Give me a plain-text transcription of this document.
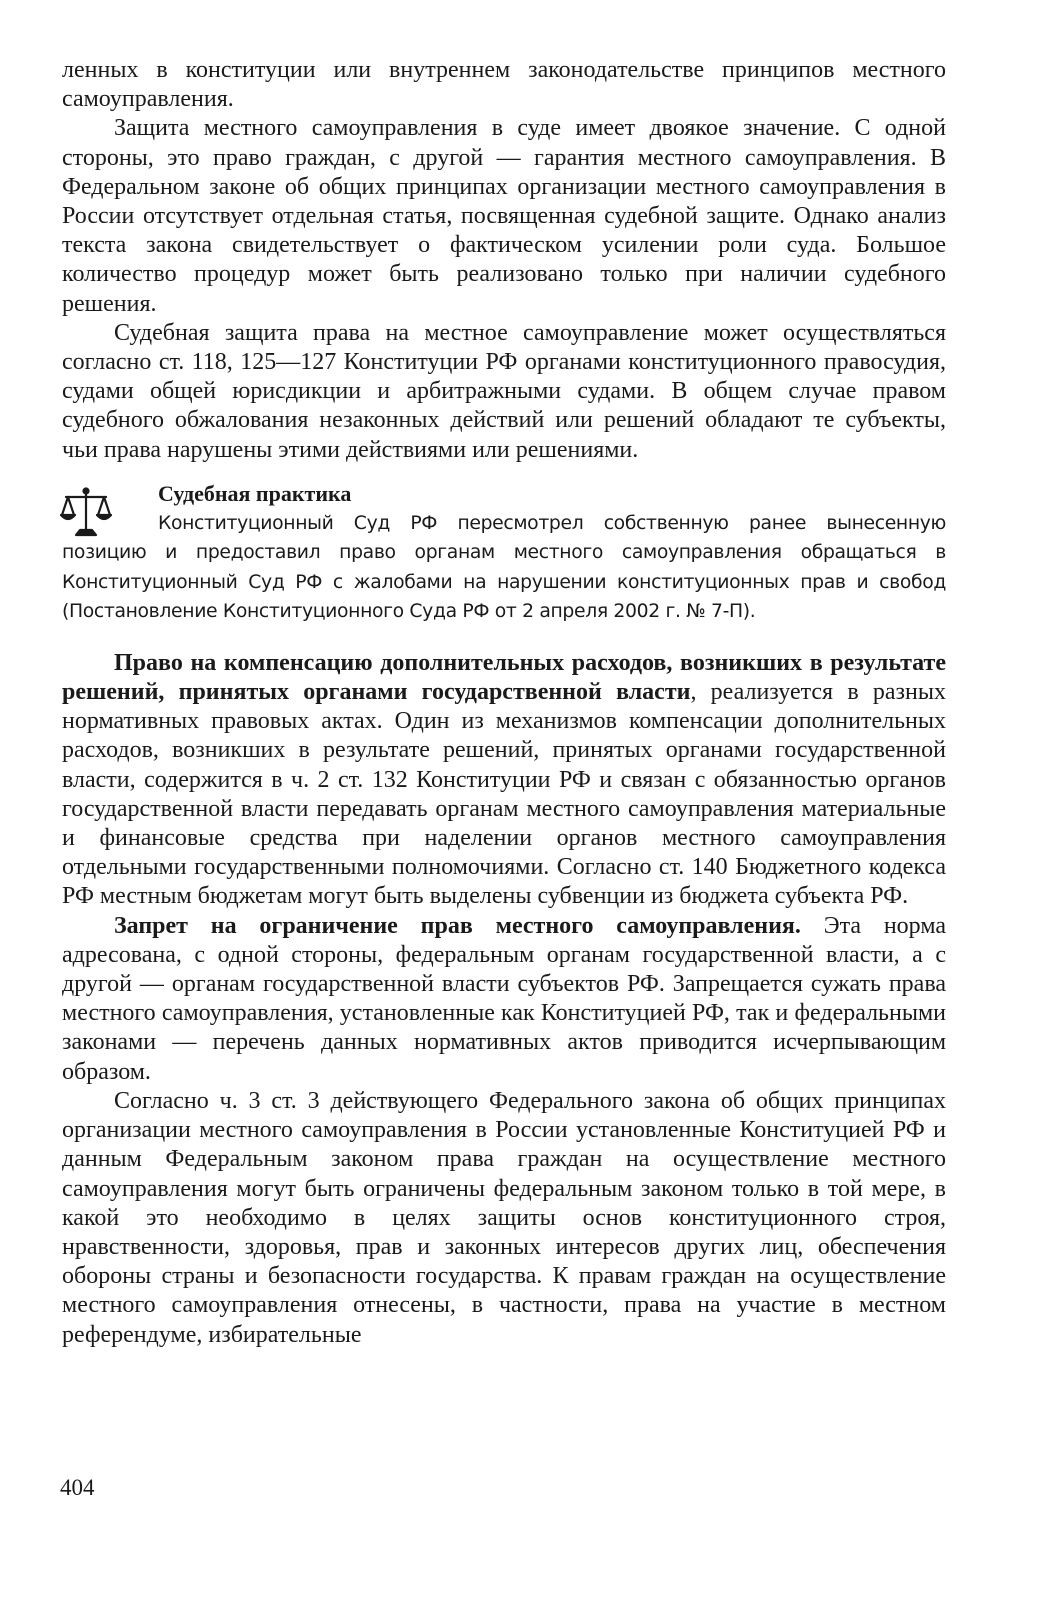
ленных в конституции или внутреннем законодательстве принципов местного самоуправления.

Защита местного самоуправления в суде имеет двоякое значение. С одной стороны, это право граждан, с другой — гарантия местного самоуправления. В Федеральном законе об общих принципах организации местного самоуправления в России отсутствует отдельная статья, посвященная судебной защите. Однако анализ текста закона свидетельствует о фактическом усилении роли суда. Большое количество процедур может быть реализовано только при наличии судебного решения.

Судебная защита права на местное самоуправление может осуществляться согласно ст. 118, 125—127 Конституции РФ органами конституционного правосудия, судами общей юрисдикции и арбитражными судами. В общем случае правом судебного обжалования незаконных действий или решений обладают те субъекты, чьи права нарушены этими действиями или решениями.

Судебная практика

Конституционный Суд РФ пересмотрел собственную ранее вынесенную позицию и предоставил право органам местного самоуправления обращаться в Конституционный Суд РФ с жалобами на нарушении конституционных прав и свобод (Постановление Конституционного Суда РФ от 2 апреля 2002 г. № 7-П).

Право на компенсацию дополнительных расходов, возникших в результате решений, принятых органами государственной власти, реализуется в разных нормативных правовых актах. Один из механизмов компенсации дополнительных расходов, возникших в результате решений, принятых органами государственной власти, содержится в ч. 2 ст. 132 Конституции РФ и связан с обязанностью органов государственной власти передавать органам местного самоуправления материальные и финансовые средства при наделении органов местного самоуправления отдельными государственными полномочиями. Согласно ст. 140 Бюджетного кодекса РФ местным бюджетам могут быть выделены субвенции из бюджета субъекта РФ.

Запрет на ограничение прав местного самоуправления. Эта норма адресована, с одной стороны, федеральным органам государственной власти, а с другой — органам государственной власти субъектов РФ. Запрещается сужать права местного самоуправления, установленные как Конституцией РФ, так и федеральными законами — перечень данных нормативных актов приводится исчерпывающим образом.

Согласно ч. 3 ст. 3 действующего Федерального закона об общих принципах организации местного самоуправления в России установленные Конституцией РФ и данным Федеральным законом права граждан на осуществление местного самоуправления могут быть ограничены федеральным законом только в той мере, в какой это необходимо в целях защиты основ конституционного строя, нравственности, здоровья, прав и законных интересов других лиц, обеспечения обороны страны и безопасности государства. К правам граждан на осуществление местного самоуправления отнесены, в частности, права на участие в местном референдуме, избирательные

404
